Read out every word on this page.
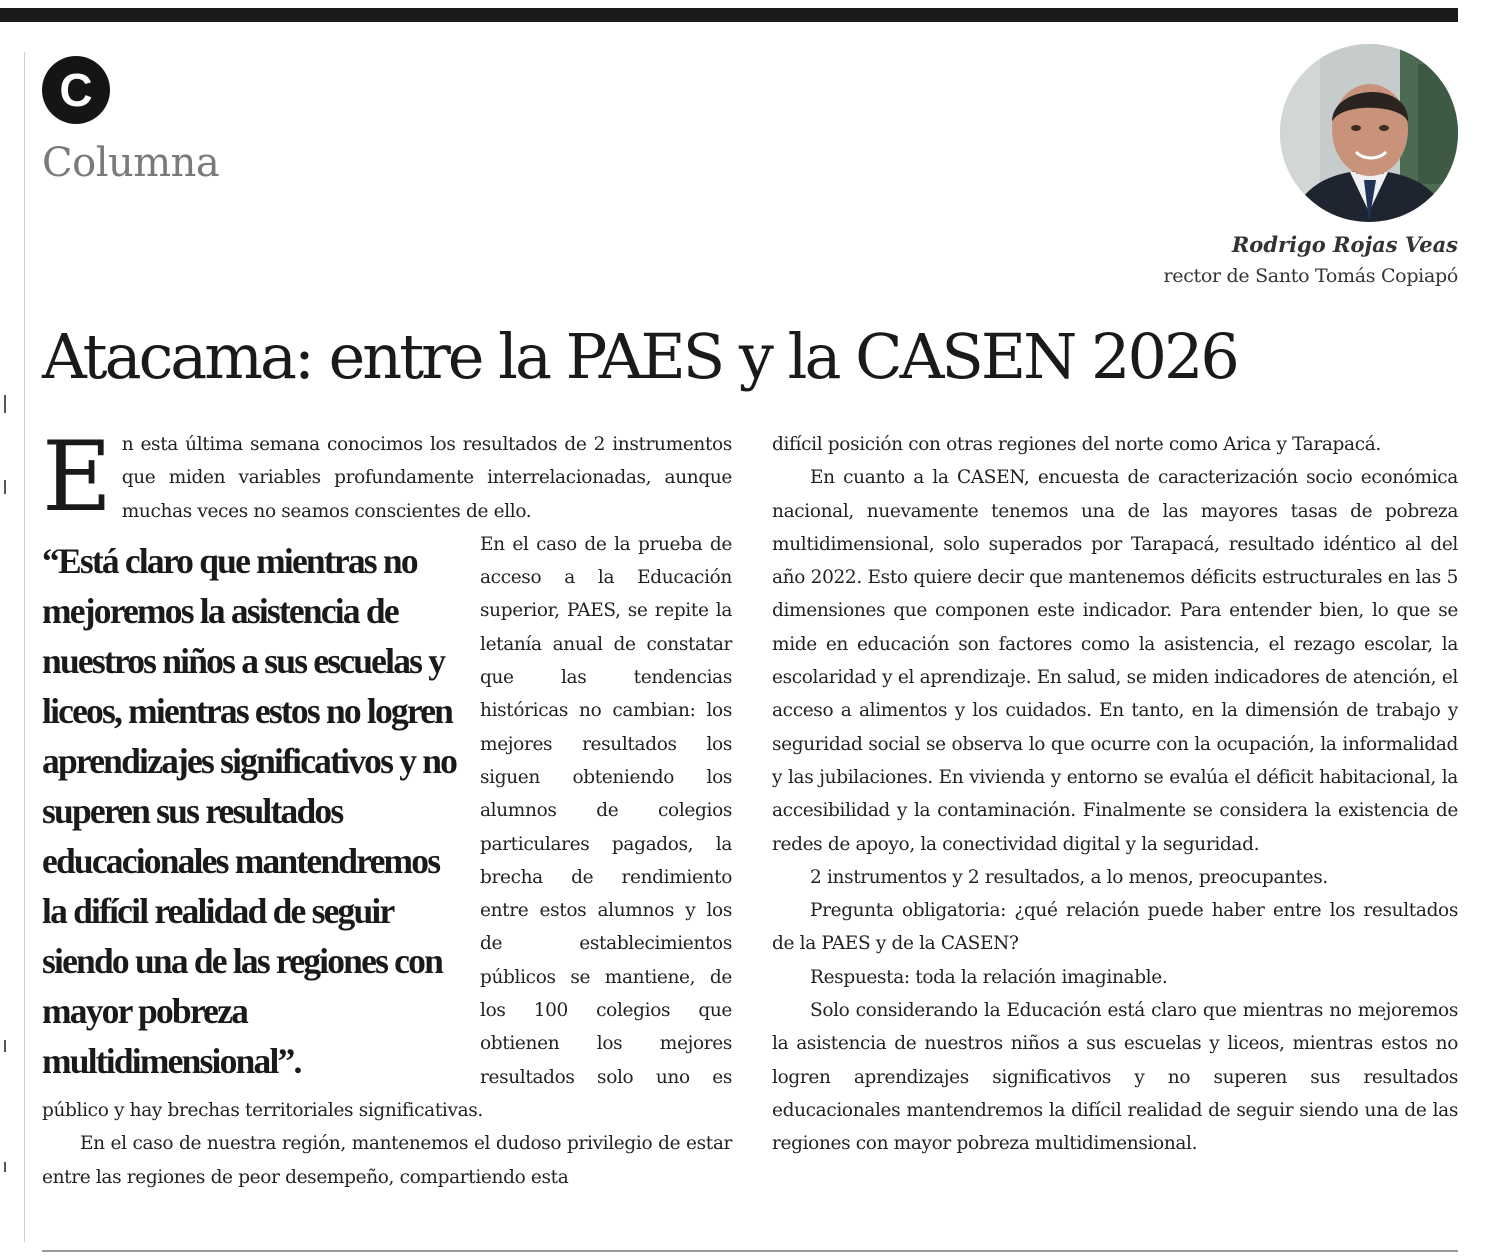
C
Columna
Rodrigo Rojas Veas
rector de Santo Tomás Copiapó
Atacama: entre la PAES y la CASEN 2026

En esta última semana conocimos los resultados de 2 instrumentos que miden variables profundamente interrelacionadas, aunque muchas veces no seamos conscientes de ello.

“Está claro que mientras no mejoremos la asistencia de nuestros niños a sus escuelas y liceos, mientras estos no logren aprendizajes significativos y no superen sus resultados educacionales mantendremos la difícil realidad de seguir siendo una de las regiones con mayor pobreza multidimensional”.

En el caso de la prueba de acceso a la Educación superior, PAES, se repite la letanía anual de constatar que las tendencias históricas no cambian: los mejores resultados los siguen obteniendo los alumnos de colegios particulares pagados, la brecha de rendimiento entre estos alumnos y los de establecimientos públicos se mantiene, de los 100 colegios que obtienen los mejores resultados solo uno es público y hay brechas territoriales significativas.

En el caso de nuestra región, mantenemos el dudoso privilegio de estar entre las regiones de peor desempeño, compartiendo esta

difícil posición con otras regiones del norte como Arica y Tarapacá.

En cuanto a la CASEN, encuesta de caracterización socio económica nacional, nuevamente tenemos una de las mayores tasas de pobreza multidimensional, solo superados por Tarapacá, resultado idéntico al del año 2022. Esto quiere decir que mantenemos déficits estructurales en las 5 dimensiones que componen este indicador. Para entender bien, lo que se mide en educación son factores como la asistencia, el rezago escolar, la escolaridad y el aprendizaje. En salud, se miden indicadores de atención, el acceso a alimentos y los cuidados. En tanto, en la dimensión de trabajo y seguridad social se observa lo que ocurre con la ocupación, la informalidad y las jubilaciones. En vivienda y entorno se evalúa el déficit habitacional, la accesibilidad y la contaminación. Finalmente se considera la existencia de redes de apoyo, la conectividad digital y la seguridad.

2 instrumentos y 2 resultados, a lo menos, preocupantes.

Pregunta obligatoria: ¿qué relación puede haber entre los resultados de la PAES y de la CASEN?

Respuesta: toda la relación imaginable.

Solo considerando la Educación está claro que mientras no mejoremos la asistencia de nuestros niños a sus escuelas y liceos, mientras estos no logren aprendizajes significativos y no superen sus resultados educacionales mantendremos la difícil realidad de seguir siendo una de las regiones con mayor pobreza multidimensional.
